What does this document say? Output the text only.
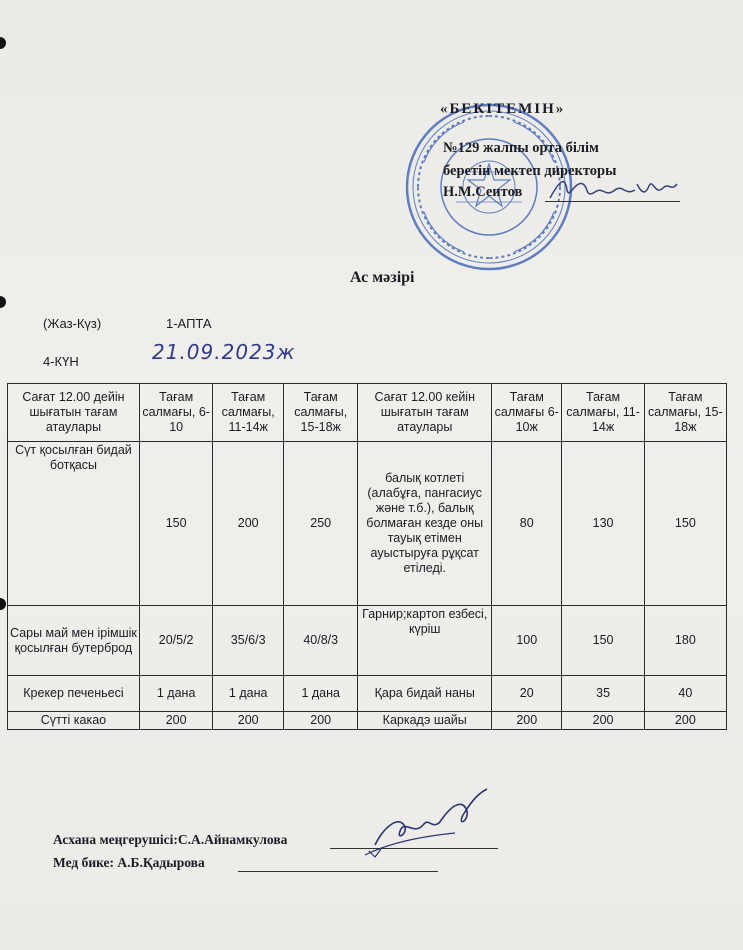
«БЕКІТЕМІН»
№129 жалпы орта білім
беретін мектеп директоры
Н.М.Сеитов
Ас мәзірі
(Жаз-Күз)	1-АПТА
4-КҮН	21.09.2023ж
Сағат 12.00 дейін шығатын тағам атаулары	Тағам салмағы, 6-10	Тағам салмағы, 11-14ж	Тағам салмағы, 15-18ж	Сағат 12.00 кейін шығатын тағам атаулары	Тағам салмағы 6-10ж	Тағам салмағы, 11-14ж	Тағам салмағы, 15-18ж
Сүт қосылған бидай ботқасы	150	200	250	балық котлеті (алабұға, пангасиус және т.б.), балық болмаған кезде оны тауық етімен ауыстыруға рұқсат етіледі.	80	130	150
Сары май мен ірімшік қосылған бутерброд	20/5/2	35/6/3	40/8/3	Гарнир;картоп езбесі, күріш	100	150	180
Крекер печеньесі	1 дана	1 дана	1 дана	Қара бидай наны	20	35	40
Сүтті какао	200	200	200	Каркадэ шайы	200	200	200
Асхана меңгерушісі:С.А.Айнамкулова
Мед бике: А.Б.Қадырова
